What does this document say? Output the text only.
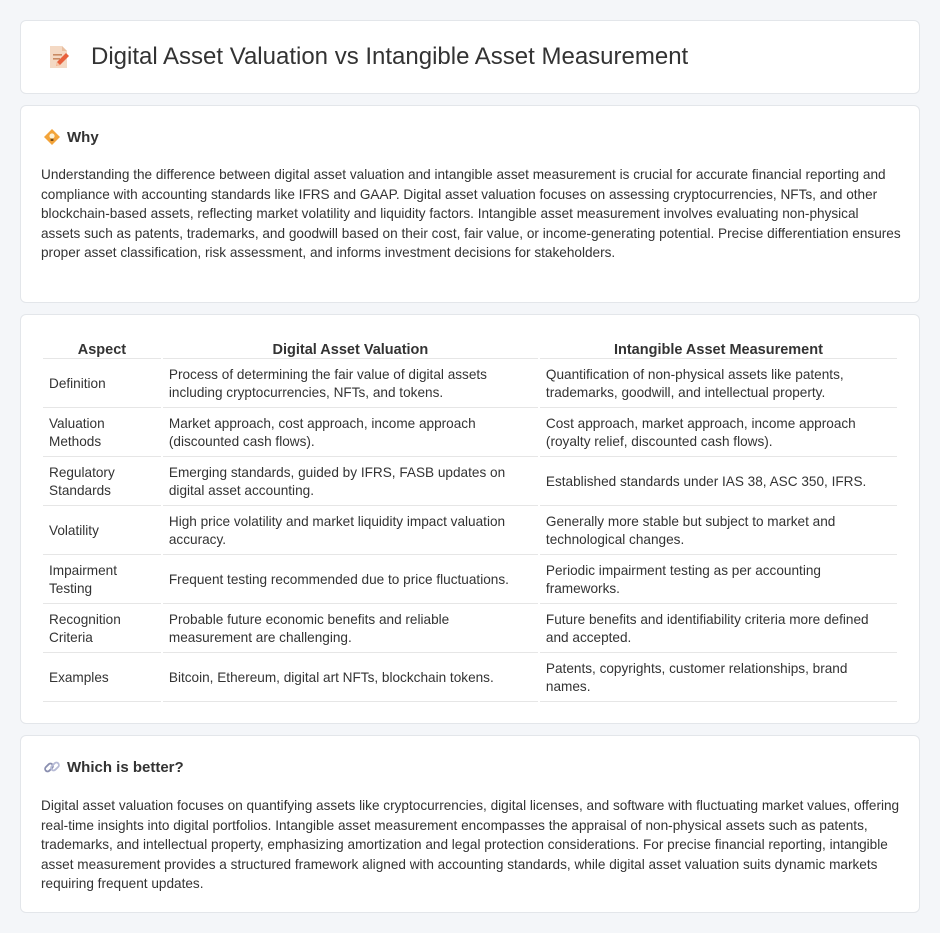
Digital Asset Valuation vs Intangible Asset Measurement
Why

Understanding the difference between digital asset valuation and intangible asset measurement is crucial for accurate financial reporting and compliance with accounting standards like IFRS and GAAP. Digital asset valuation focuses on assessing cryptocurrencies, NFTs, and other blockchain-based assets, reflecting market volatility and liquidity factors. Intangible asset measurement involves evaluating non-physical assets such as patents, trademarks, and goodwill based on their cost, fair value, or income-generating potential. Precise differentiation ensures proper asset classification, risk assessment, and informs investment decisions for stakeholders.

Aspect	Digital Asset Valuation	Intangible Asset Measurement
Definition	Process of determining the fair value of digital assets including cryptocurrencies, NFTs, and tokens.	Quantification of non-physical assets like patents, trademarks, goodwill, and intellectual property.
Valuation Methods	Market approach, cost approach, income approach (discounted cash flows).	Cost approach, market approach, income approach (royalty relief, discounted cash flows).
Regulatory Standards	Emerging standards, guided by IFRS, FASB updates on digital asset accounting.	Established standards under IAS 38, ASC 350, IFRS.
Volatility	High price volatility and market liquidity impact valuation accuracy.	Generally more stable but subject to market and technological changes.
Impairment Testing	Frequent testing recommended due to price fluctuations.	Periodic impairment testing as per accounting frameworks.
Recognition Criteria	Probable future economic benefits and reliable measurement are challenging.	Future benefits and identifiability criteria more defined and accepted.
Examples	Bitcoin, Ethereum, digital art NFTs, blockchain tokens.	Patents, copyrights, customer relationships, brand names.
Which is better?

Digital asset valuation focuses on quantifying assets like cryptocurrencies, digital licenses, and software with fluctuating market values, offering real-time insights into digital portfolios. Intangible asset measurement encompasses the appraisal of non-physical assets such as patents, trademarks, and intellectual property, emphasizing amortization and legal protection considerations. For precise financial reporting, intangible asset measurement provides a structured framework aligned with accounting standards, while digital asset valuation suits dynamic markets requiring frequent updates.
